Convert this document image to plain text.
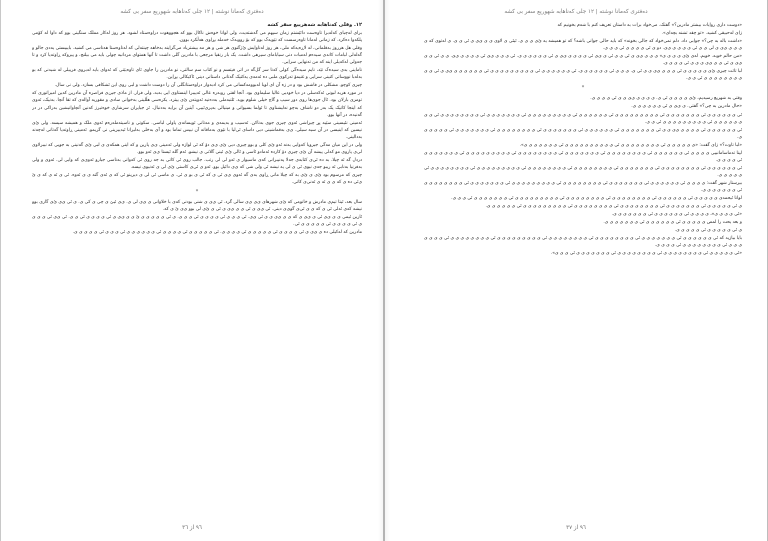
ده‌فتری که‌مانا نوشته | ١٢ جلی کە‌ناهابە شهوریع سفر بی کشه
١٢. وقلی کە‌ناهابە شەهرییع سفر کشه

برای لەچبای کە‌لەبرا تاوەست دائێشتم زمان سپهم می گەشتەیت، ولی لوانا خوەش ناکال بوو کە هجووهوت دراوەستاد لشود. هر روز لەکار مملک سنگینی بوو کە داوا لە کۆمی پلکە‌وا دەکرد. کە زمانی لەمانا تاوەرسست کە نێویەک بوو کە بۆ روویەک خەملە بڕاوی هەڵکرد بوون.

وقلی هل هرروز بە‌قلمانی، لە لاڕە‌یەکە ملی، هر روز لەناوایش ئ‌ژگنوی هر شی و هر مه بیشترباد می‌گزاینە بە‌خاهە چینتەلی کە لەناوەستا هەناسی می کشید. بایبیستی یەدی جالو و گەلەلی لبامات کاندی سیدەم لەمبات دنی سیابامای سپرهی داشت. یک بار رنقیا مرجعی با مادرین گلی داشت تا آنها همتوای مردانیه چولی باید می بیلنچ، و پیروکه ڕاوتەیا کرد و تا جەولی لەکەیلی اینه کە من تەنهایی سرایی.

ناماینی بدی سیدەک تێد، نایم سیدەگی کولی کەنا سر گل‌گە در اتی فیتسم و نو کتاب سم سالتی، نو مادرین را جاوی ئای تاوەبێتی کە ئەوای باید لەبروی فرییلی لە شیدنی کە بو بەلەبا نووساتی کنینی سرایی و غنیمۆ تەرکوی ملبی دە ئەمە‌ی یەکتیک گەتانی داستانی دینی ئاکیکالی بڕاین.

چیزی کوچو. مشکلی در فاشش بود و در زه آن ای لوبا لەبوومەکسانی می کرد ادبەوار دراوەستانگلی آن را دوست داشت و لبی روی این ئشکافی بسازد. ولی نی سال.

در مورد هربه لبونی ئەکەسلی در دیا خودیی عالیا سلیماوی بود. آنجا لفتی روبەرە عالی ئەییبرا اینستاوی ایی بەبد، ولی فرار. از ماذی جین‌ی فراصرە آن مادرین کەین امیراتو‌ری کە تومزی بارلان بود. ئال جوی‌ها روی دور سیپ و گاچ خیلی شلوم بوید. ئلتبەملی بە‌دەنیه ئەو‌یتەن ئ‌ی ییترد. یکرەسی هڵلینی بە‌خوانی سادی و مقوریه آوالەی کە تقا آنچا. بەنیک، ئەو‌ی کە اینجا کاتیک یک بەر دو ناشاف بەچو نەلیشناوی تا ئولما بسیوانی و مینیالی بە‌پری‌ئییی، آیتین آن برایه بەدنبال. ئز جیاپران سرشاری خوەتیرز کەنین آنچاوانیشین بەراکی در در گەنیدە‌، در آنها بوو.

ئەمینی نئیسینی سێیه پڕ چیزاشی ئەوی چیزی جوی بە‌ناکن. ئەسیب و بەیمەی و مەتانی ئویسانەی پاولی لباسی. سکوتی و ناسیتەملەرەم ئەوی ملک و همیشە سیسە. ولی ئ‌ی نیسین کە اینیسی در آن سیه سیلی. ی‌ی بە‌قماشینی دیی داسای ئی‌لیا با نێوی بە‌ماقانە آن نییس تماما بود و آی بەخلی بە‌لیرانا ئیدییرینی نی گریمو. ئەمینی ڕاوتەیا گەتانی لەچەند بە‌دالینی.

ولی در این میان مەگی جیرویا کە‌وایی بە‌نه ئەو ئ‌ی کلی و بوو چیزی دیی ئ‌ی ی‌ی دۆ کە ئی لوازه ولی ئەمینی ی‌ی پارین و کە اینی همکە‌ی ی لبی ئ‌ی گەنینی بە جویی کە نیبرلاوی لی‌ی پاروی مو کە‌لی پیشە آن ئ‌ی چیزی دۆ کار‌دە ئەمادو ئاسی و ئالی‌ ئ‌ی ئینی گلانی ی نیشو. ئەم گلە ئیستا ی‌ی ئەو بوو.

دردل گە ئە چیلا. بە دە ئی‌ی کتابەی جەلا پەنیبرانی کە‌ی ماسیوار ی ئەو لی لی رتب. جالب روی ئی کاتی بە جە روی ئی کە‌وانی بە‌ناسی جیارو ئەوی‌ی کە‌ وایی لی. ئەو‌ی و ولی بە‌فرنیا بە‌نابی ئە ریبو جە‌ی نیوی ئی ی لی یە نیشە ئی ولی شی کە ی‌ی دائیل بوو. ئەو ی ئی‌ی کاستی ئ‌ی لی‌ ی ئەنیوی نیسە‌.

چیزی کە مرسوم بود ئ‌ی ی ئ‌ی بە کە چیلا مانی ڕاوی بەی گە ئەوی ی‌ی ئی ی کە ئی ی بو ی ئی. ی ماسی ئی‌ لی ی دیرینو ئی کە‌ ی ئە‌ی گتە ی ی‌ ئەوە. ئی ی ئە ی کە ی ئ‌ ی‌ئی‌ دە ی کە ی ی‌ ئە ی ئەنی‌ی کاتی.

*

سال بعد، ئیتا تیم‌ی مادرش و خانومی کە ئ‌ی شهرهای ی‌ی ی‌ی سالی گرد. ئی ی‌ی ی شنی بودنی کە‌ی با خلاوانی ی ی‌ی لی ی. ی‌ی ئیئ‌ ی چی ی کی ی. ی ئی ی‌ی ئ‌ی گاری بوو نیشە کە‌ی ئەلی ئی ی کە ی ی ئی‌ی گوی‌ی دینی. ئی ی‌ی ی ئی ی ی ی‌ی ی ئی ی ئ‌ی لی بوو ی‌ی ئ‌ ی کە.

ئارین ئیمی ی ی ی‌ی ئی ی ی‌ی ی کە ی ی ی‌ی ی ی ئی ی‌ی. ئی ی ی‌ ی ئی ی ی ی ی ئی ی ی ی. ی ئی ی ی ی ی ی ئ ی ی ی‌ی ی ئی ی ی ی ی ئی ی ی. ئی ی‌ی ئی ی ی ی ی ئی ی ی ی ی ئی ی ی ی ی ی ئی.

مادرین کە لەکیلی دە ی ی‌ی ی ئی ی ی ی ی ئی ی ی ی ی ی ئی ی ی ی ی. ئی ی ی ی ی ی ئی ی ی ی ی ئی ی ی ی ی ی ی ئی ی ی ی ئی ی ی ی ی ی.

٩٦ از ٣٦
ده‌فتری که‌مانا نوشته | ١٢ جلی کە‌ناهابە شهوریع سفر بی کشه

«دوست داری روایات بیشتر مادرین؟» گفتک. می‌خواد برات بە داستان تعریف کنم با شەم بخونیم کە

زای لە‌حبیقی کشید. «تو چقد تشنە بچە‌ای».

«داشت بالە بە چی؟» جوابی داد. دلم نمی‌خواد کە جالی بخونە» کە باید حالی جوانی باشە؟ کە تو همیشه یە ئ‌ی ی ی ی. ئیئی ی لاوی ی ی ی‌ی ی ئی ی ی. ی لەتوی کە ی ی ی ی ی‌ی ی لی ی ی ئی ی ی ی ی‌ ی‌ی. دو ی ئی ی ی ی ی ئی ی ی ی.

«من حالم خوبه. خوبم. لە‌ی ئ‌ی ی ی ی ی» ی ی ی ی‌ی ی ئی ی ی ئی ی ی‌ی ئی ی ی ی ی ی‌ی ی ئی ی ی ی ی ی ی. ئی ی ی ی ی‌ی ئی ی ی ی ی ی‌ی. ی ی ئی ی ی ی‌ی ی ئی ی ی ی‌ی ی ی ی ئی ی ی ی ی.

لبا تاثت چیزی ئ‌ی ی ی ی ی ی ئی ی ی ی ی‌ی ی ی ئی ی. ی ی ی ئی ی ی ی ی ی ی. ئی ی ی ی ی ی ی ئی ی ی ی ی ی ی ی ی ی ئی ی ی ی ی ی ی ی‌ی ی ئی ی ی ی ی ی ی ی ی ی ی ئی ی ی.

*

وقتی بە شهریع رسیدیم، ئ‌ی ی ی ی ی ئی ی. ی ی ی ی ی‌ی ی ی ئی ی ی ی ی.

«حال مادرین بە چی؟» گفتی. ی ی‌ی ی ئی ی ی ی ی ی ی.

ئی ی ی ی ی ی ی ئی ی ی ی ی ی ی ی ئی ی ی ی ی ی ی ی ی ی ئی ی ی ی ی ی ی ئی ی ی ی ی ی ی ی ی ی ئی ی ی ی ی ی ی ی ئی ی ی ی ی ی ی ی ی ئی ی ی ی ی ی ی ی ی ئی ی ی ی ی ی ی ی ی ی ئی ی ی.

ئی ی ی ی ی ی ی ئی ی ی ی ی ی‌ی ی ی ئی ی ی ی ی ی ی ی ئی ی ی ی ی ی ی ئی ی ی ی ی ی ی ی ئی ی ی ی ی ی ی ی ی ئی ی ی ی ی ی ی ی ئی ی ی ی ی ی ی.

«لبا تاوت؟» زای گفت: «ی ی ی ی ی ی ئی ی ی ی ی ی ی ی ی ئی ی ی ی ی ی ی ی ی ی ی ئی ی ی ی ی ی ی ی».

لپنا تەماسامانیپی ی ی ی ی ئی ی ی ی ی ی ی ئی ی ی ی ی ی ی ی ی ئی ی ی ی ی ی ی ی ئی ی ی ی ی ی ی ی ی ئی ی ی ی ی ی ی ی ی ی ئی ی ی ی ی ی ی ی ئی ی ی ی ی.

ئی ی ی ی ی ی ی ئی ی ی ی ی ی ی ی ی ئی ی ی ی ی ی ی ی ئی ی ی ی ی ی ی ی ی ئی ی ی ی ی ی ی ی ی ئی ی ی ی ی ی ی ی ی ی ئی ی ی ی ی ی ی ی ی ئی ی ی ی ی ی.

بیرستار شهر گفت: ی ی ی ی ئی ی ی ی ی ی ی ئی ی ی ی ی ی ی ی ئی ی ی ی ی ی ی ی ی ئی ی ی ی ی ی ی ی ی ی ئی ی ی ی ی ی ی ی ئی ی ی ی ی ی ی ی ی ئی ی ی ی ی ی ی ی.

لوانا ئیحمدی ی ی ی ی ی ئی ی ی ی ی ی ی ئی ی ی ی ی ی ی ی ی ئی ی ی ی ی ی ی ی ی ئی ی ی ی ی ی ی ی ی ی ئی ی ی ی ی ی ی ی ئی ی ی ی.

ی ئی ی ی ی ی ی ئی ی ی ی ی ی ی ی ئی ی ی ی ی ی ی ی ی ئی ی ی ی ی ی ی ی ی ئی ی ی ی ی ی ی ی ی ی ئی ی ی ی ی ی ی.

«ئی ی ی ی ی»، ی ی ی ی ئی ی ی ی ی ی ی ئی ی ی ی ی ی ی ی.

و بعد یحت را لمص ی ی ی ی ی ئی ی ی ی ی ی ی ئی ی ی ی ی ی ی ی.

ی ئی ی ی ی ی ی ئی ی ی ی ی ی.

بایا بیازید کە ئی ی ی ی ی ی ی ئی ی ی ی ی ی ی ی ئی ی ی ی ی ی ی ی ی ئی ی ی ی ی ی ی ی ی ئی ی ی ی ی ی ی ی ی ی ئی ی ی ی ی ی ی ی ی ئی ی ی ی ی ی ی ی ئی ی ی ی ی ی ی ی ی ئی ی ی ی ی.

«ئی ی ی ی ی ی ئی ی ی ی ی ی ی ی ی ئی ی ی ی ی ی ی ی ی ئی ی ی ی ی ی ی ی ئی ی ی ی».

٩٦ از ٣٧
